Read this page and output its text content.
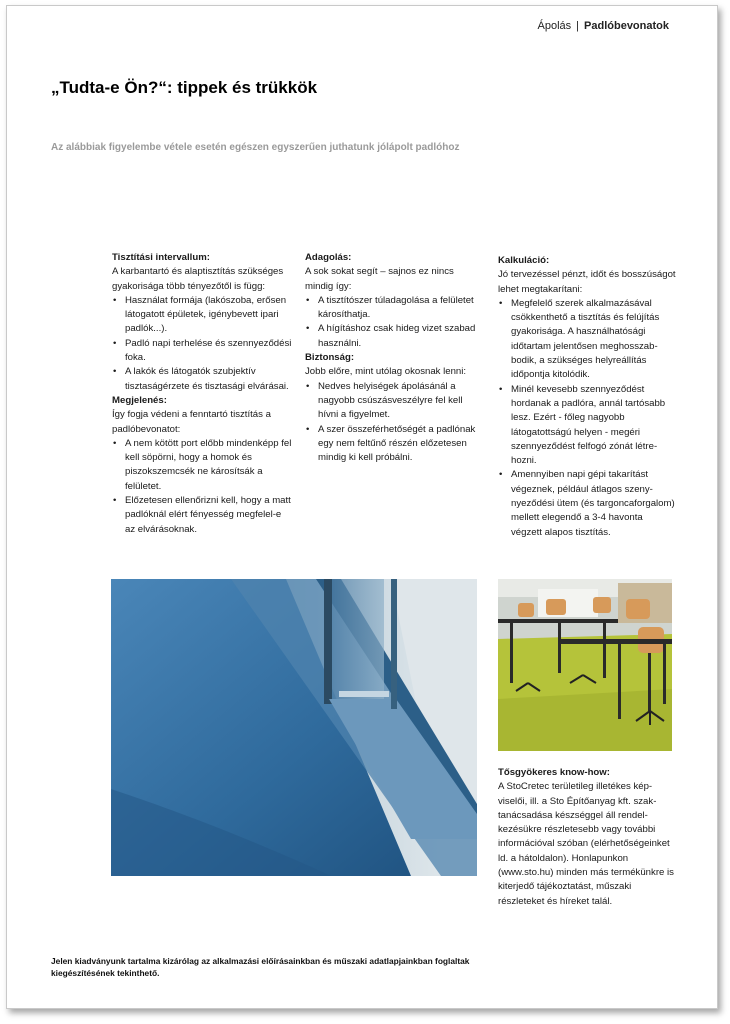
Ápolás | Padlóbevonatok
„Tudta-e Ön?“: tippek és trükkök
Az alábbiak figyelembe vétele esetén egészen egyszerűen juthatunk jólápolt padlóhoz
Tisztítási intervallum:

A karbantartó és alaptisztítás szükséges gyakorisága több tényezőtől is függ:

• Használat formája (lakószoba, erősen látogatott épületek, igénybevett ipari padlók...).
• Padló napi terhelése és szennyeződési foka.
• A lakók és látogatók szubjektív tisztaságérzete és tisztasági elvárásai.
Megjelenés:

Így fogja védeni a fenntartó tisztítás a padlóbevonatot:

• A nem kötött port előbb mindenképp fel kell söpörni, hogy a homok és piszokszemcsék ne károsítsák a felületet.
• Előzetesen ellenőrizni kell, hogy a matt padlóknál elért fényesség megfelel-e az elvárásoknak.
Adagolás:

A sok sokat segít – sajnos ez nincs mindig így:

• A tisztítószer túladagolása a felületet károsíthatja.
• A hígításhoz csak hideg vizet szabad használni.
Biztonság:

Jobb előre, mint utólag okosnak lenni:

• Nedves helyiségek ápolásánál a nagyobb csúszásveszélyre fel kell hívni a figyelmet.
• A szer összeférhetőségét a padlónak egy nem feltűnő részén előzetesen mindig ki kell próbálni.
Kalkuláció:

Jó tervezéssel pénzt, időt és bosszúságot lehet megtakarítani:

• Megfelelő szerek alkalmazásával csökkenthető a tisztítás és felújítás gyakorisága. A használhatósági időtartam jelentősen meghosszabbodik, a szükséges helyreállítás időpontja kitolódik.
• Minél kevesebb szennyeződést hordanak a padlóra, annál tartósabb lesz. Ezért - főleg nagyobb látogatottságú helyen - megéri szennyeződést felfogó zónát létrehozni.
• Amennyiben napi gépi takarítást végeznek, például átlagos szenynyeződési ütem (és targoncaforgalom) mellett elegendő a 3-4 havonta végzett alapos tisztítás.
Tősgyökeres know-how:

A StoCretec területileg illetékes képviselői, ill. a Sto Építőanyag kft. szaktanácsadása készséggel áll rendelkezésükre részletesebb vagy további információval szóban (elérhetőségeinket ld. a hátoldalon). Honlapunkon (www.sto.hu) minden más termékünkre is kiterjedő tájékoztatást, műszaki részleteket és híreket talál.

Jelen kiadványunk tartalma kizárólag az alkalmazási előírásainkban és műszaki adatlapjainkban foglaltak kiegészítésének tekinthető.
